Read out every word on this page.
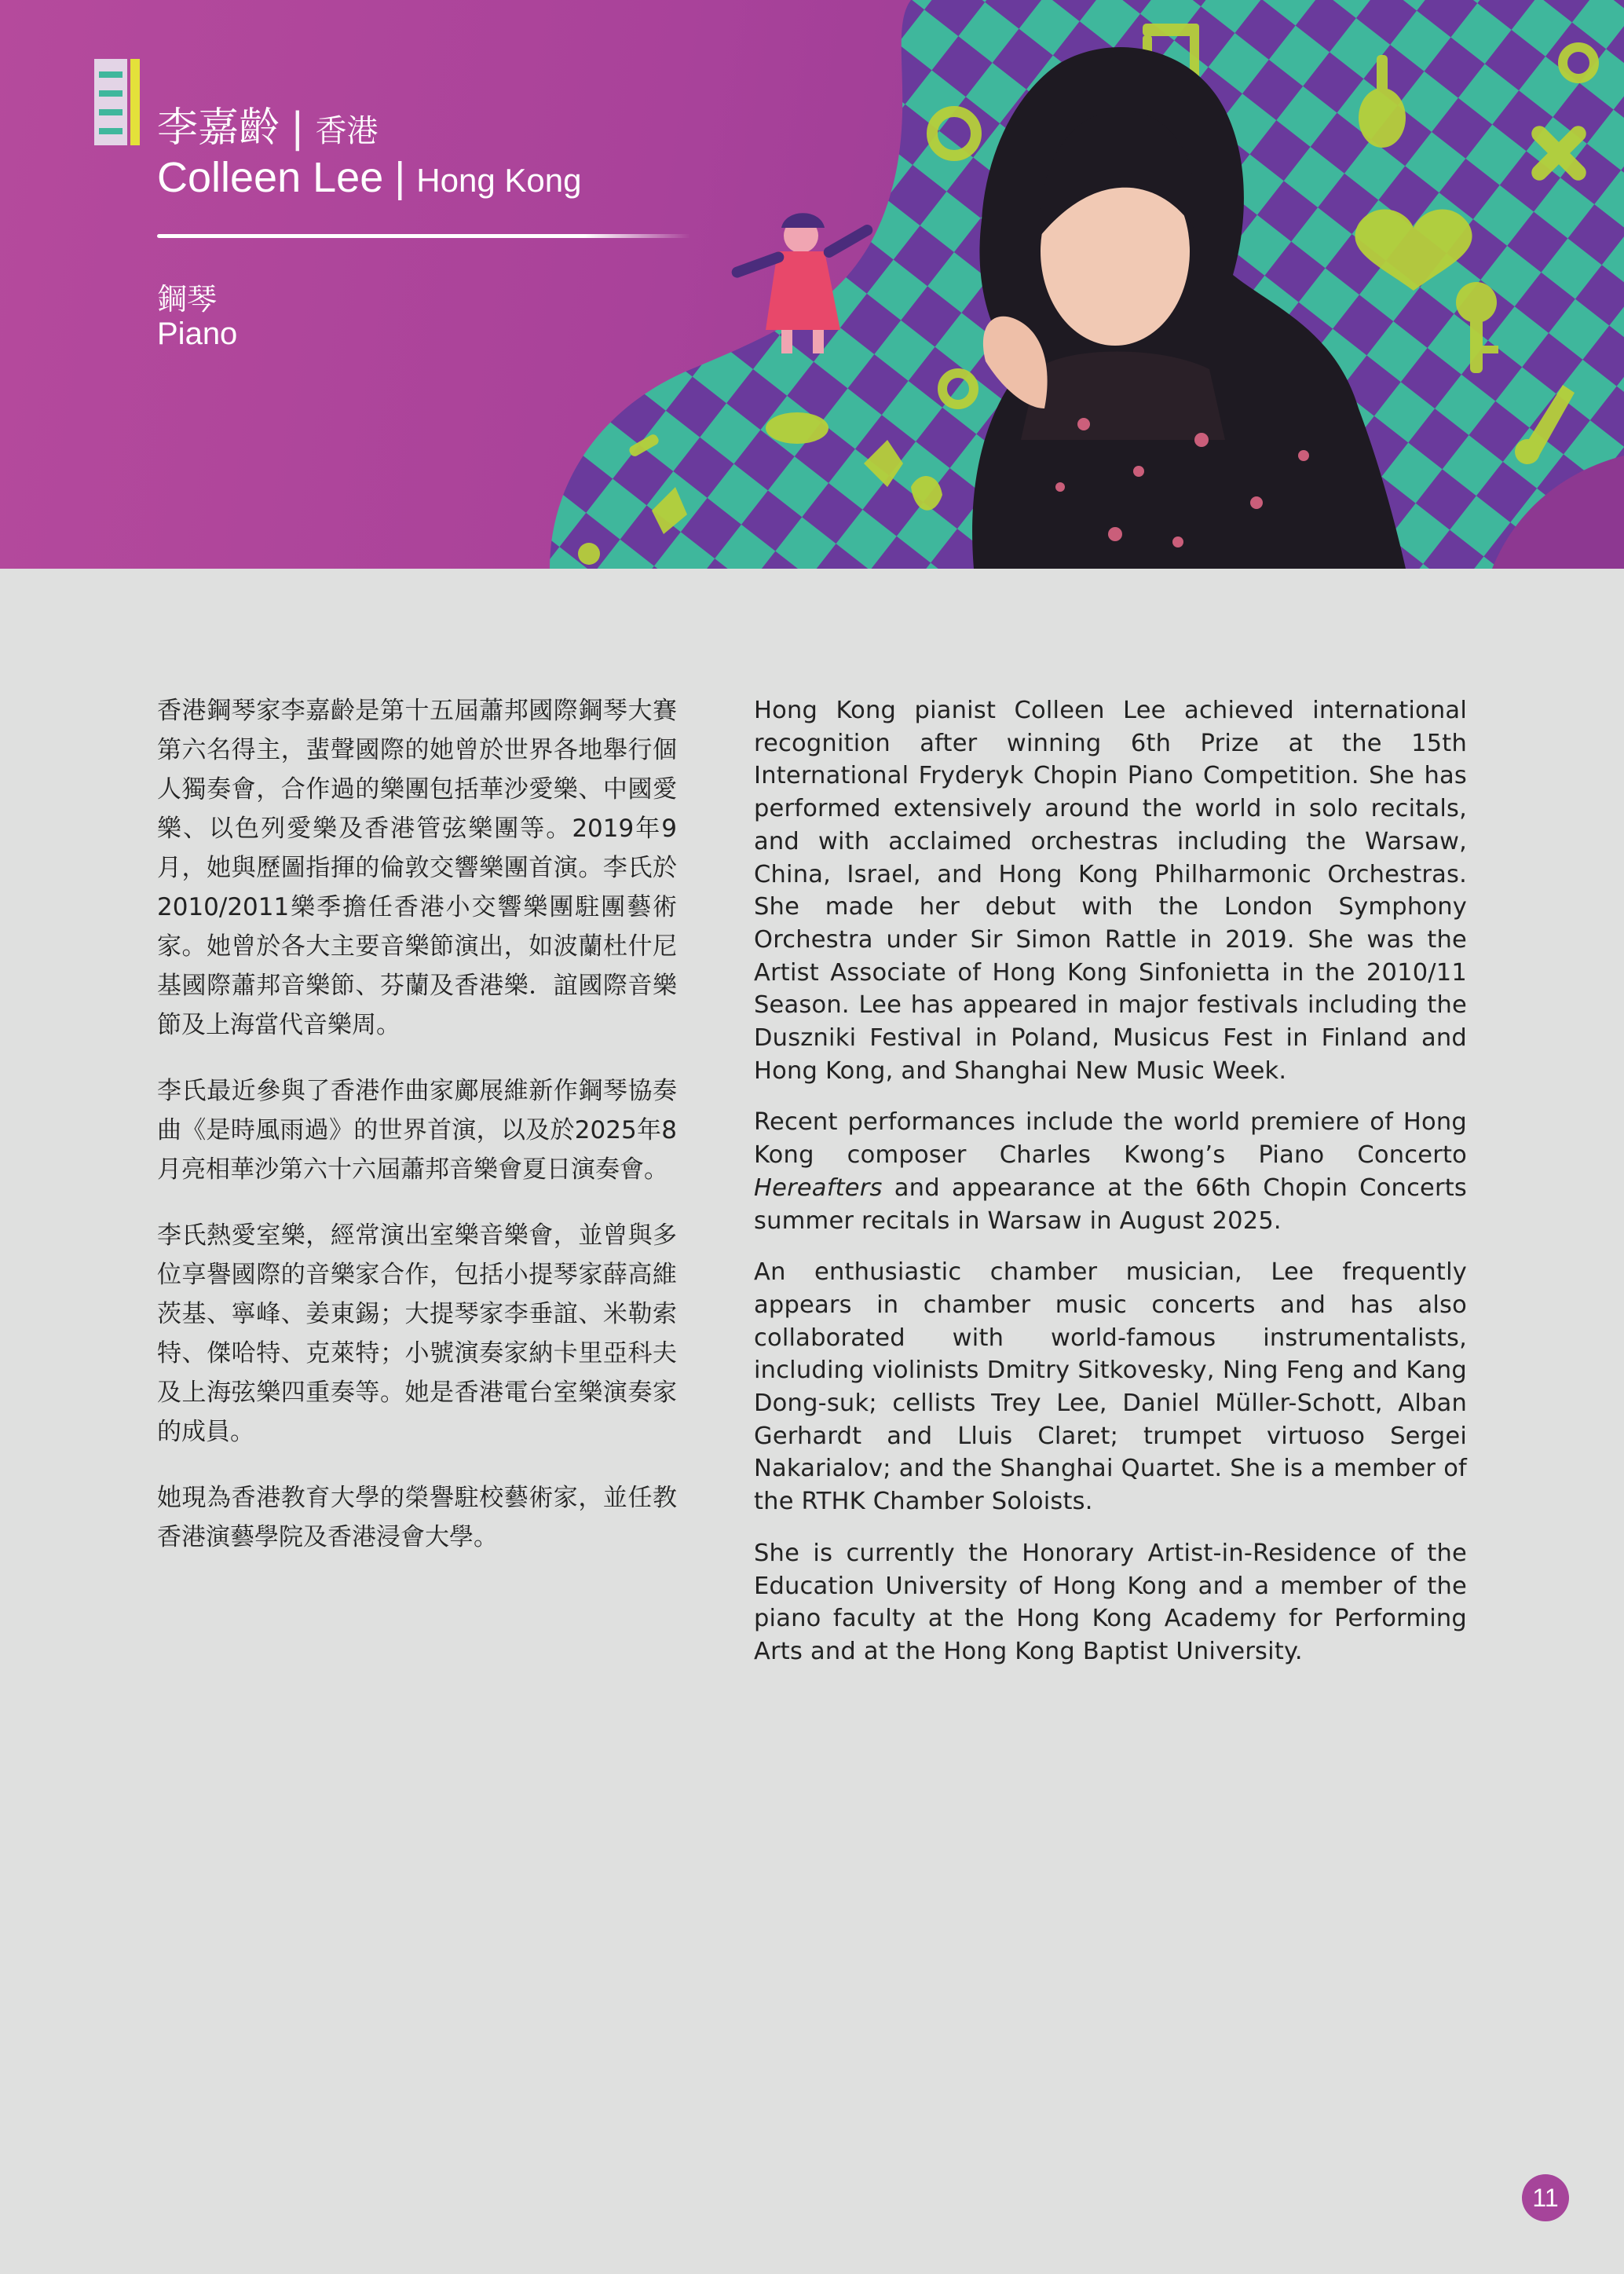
李嘉齡 | 香港
Colleen Lee | Hong Kong
鋼琴
Piano

香港鋼琴家李嘉齡是第十五屆蕭邦國際鋼琴大賽第六名得主，蜚聲國際的她曾於世界各地舉行個人獨奏會，合作過的樂團包括華沙愛樂、中國愛樂、以色列愛樂及香港管弦樂團等。2019年9月，她與歷圖指揮的倫敦交響樂團首演。李氏於2010/2011樂季擔任香港小交響樂團駐團藝術家。她曾於各大主要音樂節演出，如波蘭杜什尼基國際蕭邦音樂節、芬蘭及香港樂．誼國際音樂節及上海當代音樂周。

李氏最近參與了香港作曲家鄺展維新作鋼琴協奏曲《是時風雨過》的世界首演，以及於2025年8月亮相華沙第六十六屆蕭邦音樂會夏日演奏會。

李氏熱愛室樂，經常演出室樂音樂會，並曾與多位享譽國際的音樂家合作，包括小提琴家薛高維茨基、寧峰、姜東錫；大提琴家李垂誼、米勒索特、傑哈特、克萊特；小號演奏家納卡里亞科夫及上海弦樂四重奏等。她是香港電台室樂演奏家的成員。

她現為香港教育大學的榮譽駐校藝術家，並任教香港演藝學院及香港浸會大學。

Hong Kong pianist Colleen Lee achieved international recognition after winning 6th Prize at the 15th International Fryderyk Chopin Piano Competition. She has performed extensively around the world in solo recitals, and with acclaimed orchestras including the Warsaw, China, Israel, and Hong Kong Philharmonic Orchestras. She made her debut with the London Symphony Orchestra under Sir Simon Rattle in 2019. She was the Artist Associate of Hong Kong Sinfonietta in the 2010/11 Season. Lee has appeared in major festivals including the Duszniki Festival in Poland, Musicus Fest in Finland and Hong Kong, and Shanghai New Music Week.

Recent performances include the world premiere of Hong Kong composer Charles Kwong’s Piano Concerto Hereafters and appearance at the 66th Chopin Concerts summer recitals in Warsaw in August 2025.

An enthusiastic chamber musician, Lee frequently appears in chamber music concerts and has also collaborated with world-famous instrumentalists, including violinists Dmitry Sitkovesky, Ning Feng and Kang Dong-suk; cellists Trey Lee, Daniel Müller-Schott, Alban Gerhardt and Lluis Claret; trumpet virtuoso Sergei Nakarialov; and the Shanghai Quartet. She is a member of the RTHK Chamber Soloists.

She is currently the Honorary Artist-in-Residence of the Education University of Hong Kong and a member of the piano faculty at the Hong Kong Academy for Performing Arts and at the Hong Kong Baptist University.

11
